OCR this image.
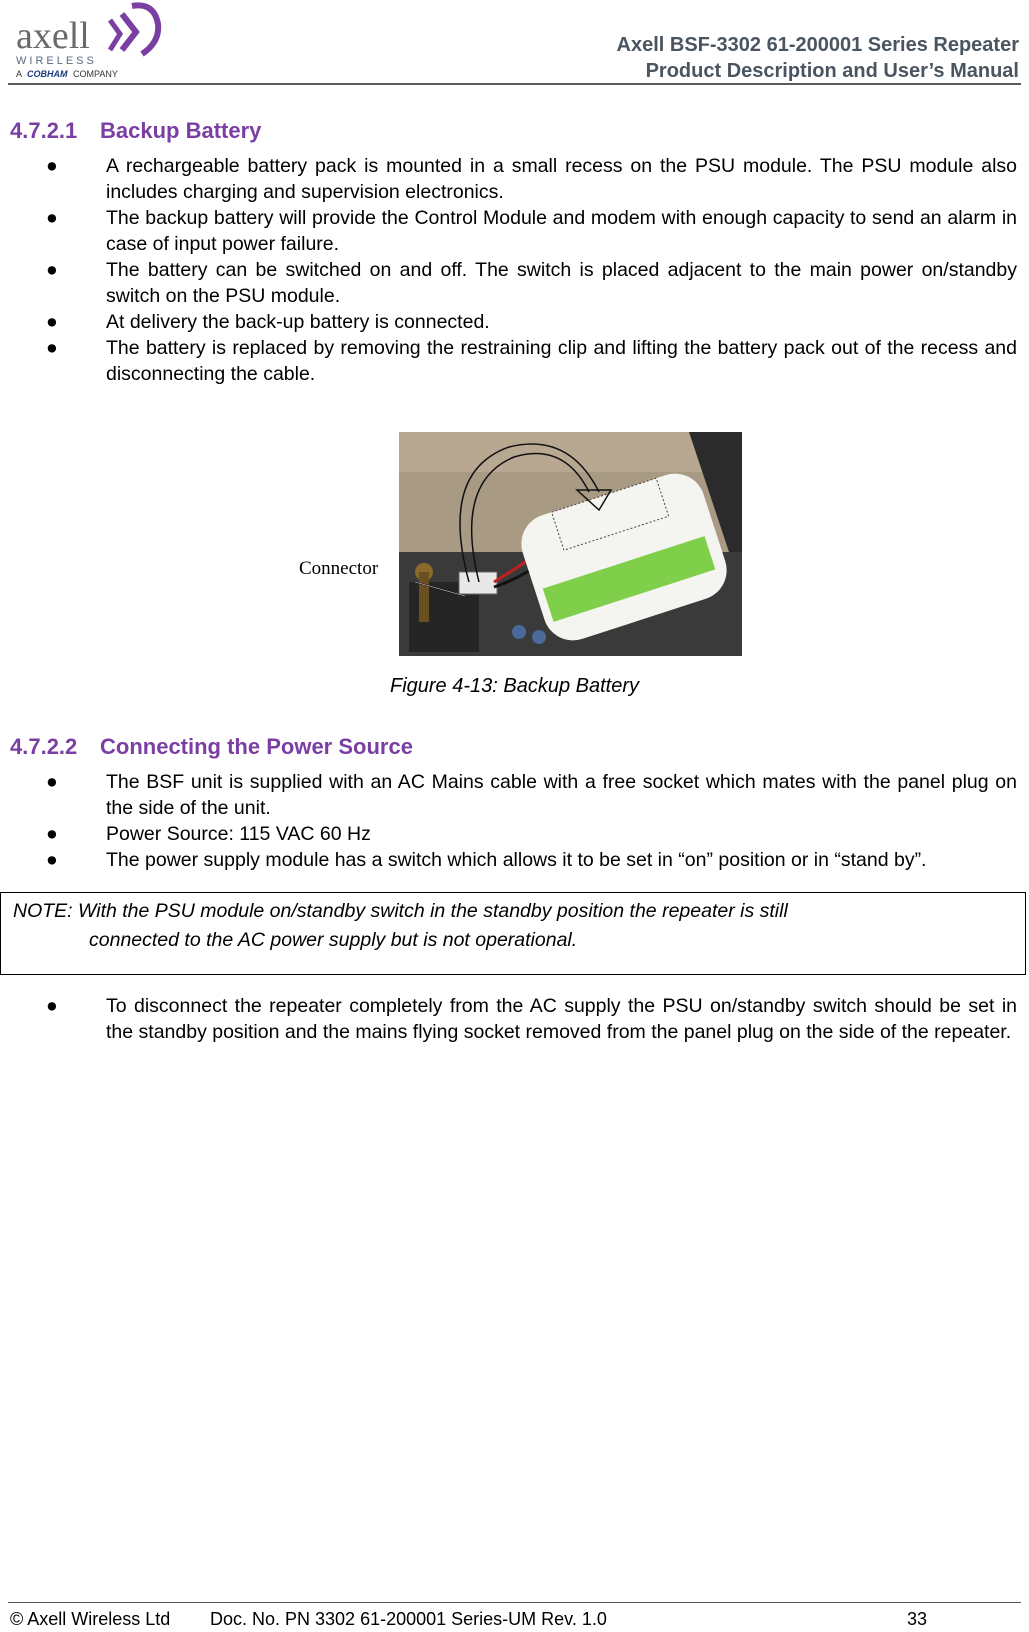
axell
WIRELESS
A COBHAM COMPANY
Axell BSF-3302 61-200001 Series Repeater
Product Description and User’s Manual
4.7.2.1 Backup Battery
● A rechargeable battery pack is mounted in a small recess on the PSU module. The PSU module also includes charging and supervision electronics.
● The backup battery will provide the Control Module and modem with enough capacity to send an alarm in case of input power failure.
● The battery can be switched on and off. The switch is placed adjacent to the main power on/standby switch on the PSU module.
● At delivery the back-up battery is connected.
● The battery is replaced by removing the restraining clip and lifting the battery pack out of the recess and disconnecting the cable.
Connector
Figure 4-13: Backup Battery
4.7.2.2 Connecting the Power Source
● The BSF unit is supplied with an AC Mains cable with a free socket which mates with the panel plug on the side of the unit.
● Power Source: 115 VAC 60 Hz
● The power supply module has a switch which allows it to be set in “on” position or in “stand by”.
NOTE: With the PSU module on/standby switch in the standby position the repeater is still
connected to the AC power supply but is not operational.
● To disconnect the repeater completely from the AC supply the PSU on/standby switch should be set in the standby position and the mains flying socket removed from the panel plug on the side of the repeater.
© Axell Wireless Ltd Doc. No. PN 3302 61-200001 Series-UM Rev. 1.0	33
